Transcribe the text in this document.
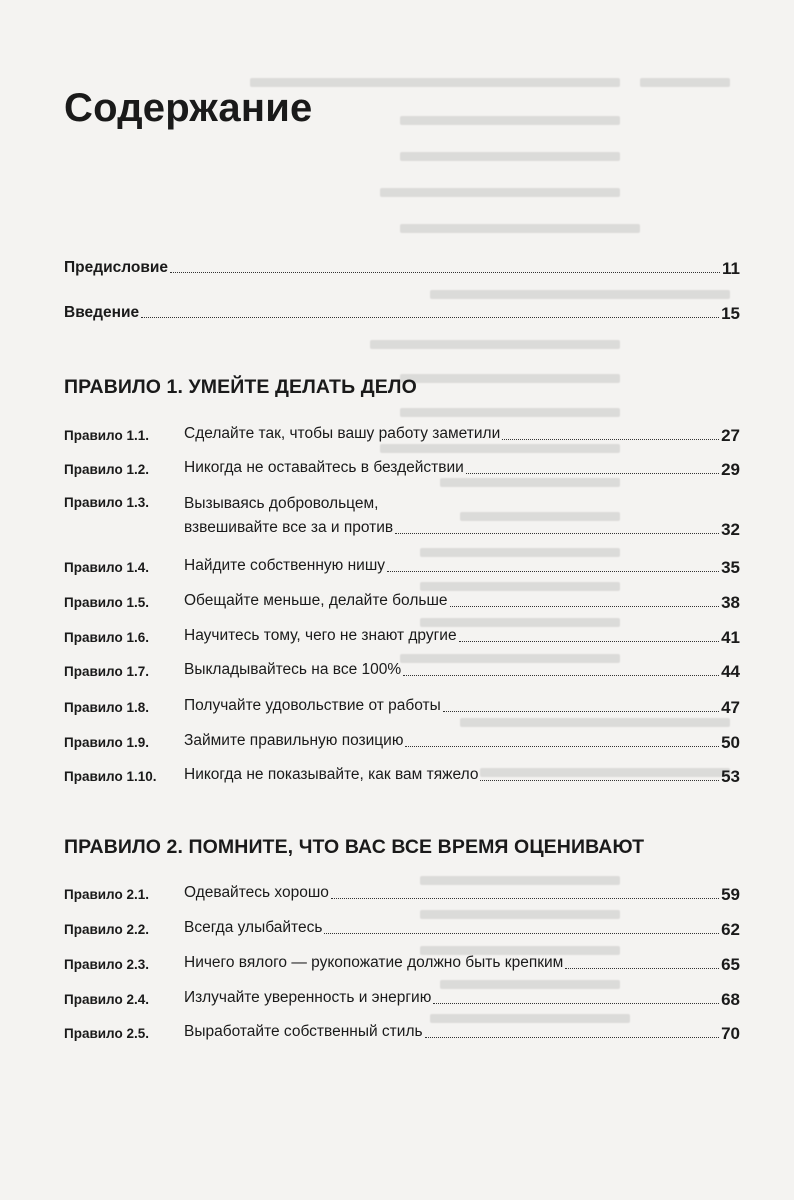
Содержание
Предисловие	11
Введение	15
ПРАВИЛО 1. УМЕЙТЕ ДЕЛАТЬ ДЕЛО
Правило 1.1.	Сделайте так, чтобы вашу работу заметили	27
Правило 1.2.	Никогда не оставайтесь в бездействии	29
Правило 1.3.	Вызываясь добровольцем,
взвешивайте все за и против	32
Правило 1.4.	Найдите собственную нишу	35
Правило 1.5.	Обещайте меньше, делайте больше	38
Правило 1.6.	Научитесь тому, чего не знают другие	41
Правило 1.7.	Выкладывайтесь на все 100%	44
Правило 1.8.	Получайте удовольствие от работы	47
Правило 1.9.	Займите правильную позицию	50
Правило 1.10.	Никогда не показывайте, как вам тяжело	53
ПРАВИЛО 2. ПОМНИТЕ, ЧТО ВАС ВСЕ ВРЕМЯ ОЦЕНИВАЮТ
Правило 2.1.	Одевайтесь хорошо	59
Правило 2.2.	Всегда улыбайтесь	62
Правило 2.3.	Ничего вялого — рукопожатие должно быть крепким	65
Правило 2.4.	Излучайте уверенность и энергию	68
Правило 2.5.	Выработайте собственный стиль	70
